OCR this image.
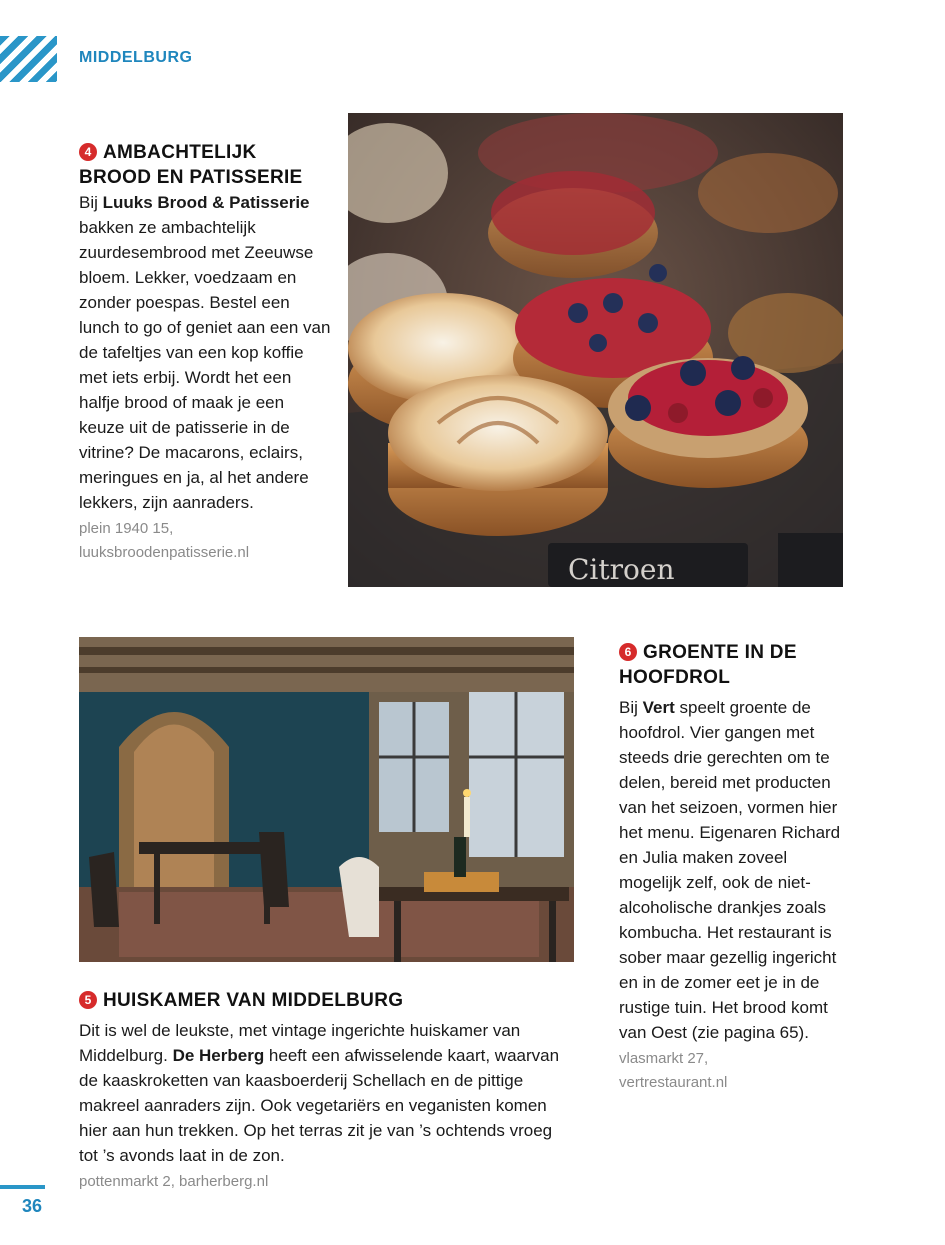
MIDDELBURG
4 AMBACHTELIJK
BROOD EN PATISSERIE

Bij Luuks Brood & Patisserie bakken ze ambachtelijk zuurdesembrood met Zeeuwse bloem. Lekker, voedzaam en zonder poespas. Bestel een lunch to go of geniet aan een van de tafeltjes van een kop koffie met iets erbij. Wordt het een halfje brood of maak je een keuze uit de patisserie in de vitrine? De macarons, eclairs, meringues en ja, al het andere lekkers, zijn aanraders.

plein 1940 15,
luuksbroodenpatisserie.nl

Citroen
5 HUISKAMER VAN MIDDELBURG

Dit is wel de leukste, met vintage ingerichte huiskamer van Middelburg. De Herberg heeft een afwisselende kaart, waarvan de kaaskroketten van kaasboerderij Schellach en de pittige makreel aanraders zijn. Ook vegetariërs en veganisten komen hier aan hun trekken. Op het terras zit je van ’s ochtends vroeg tot ’s avonds laat in de zon.

pottenmarkt 2, barherberg.nl

6 GROENTE IN DE
HOOFDROL

Bij Vert speelt groente de hoofdrol. Vier gangen met steeds drie gerechten om te delen, bereid met producten van het seizoen, vormen hier het menu. Eigenaren Richard en Julia maken zoveel mogelijk zelf, ook de niet-alcoholische drankjes zoals kombucha. Het restaurant is sober maar gezellig ingericht en in de zomer eet je in de rustige tuin. Het brood komt van Oest (zie pagina 65).

vlasmarkt 27,
vertrestaurant.nl

36
